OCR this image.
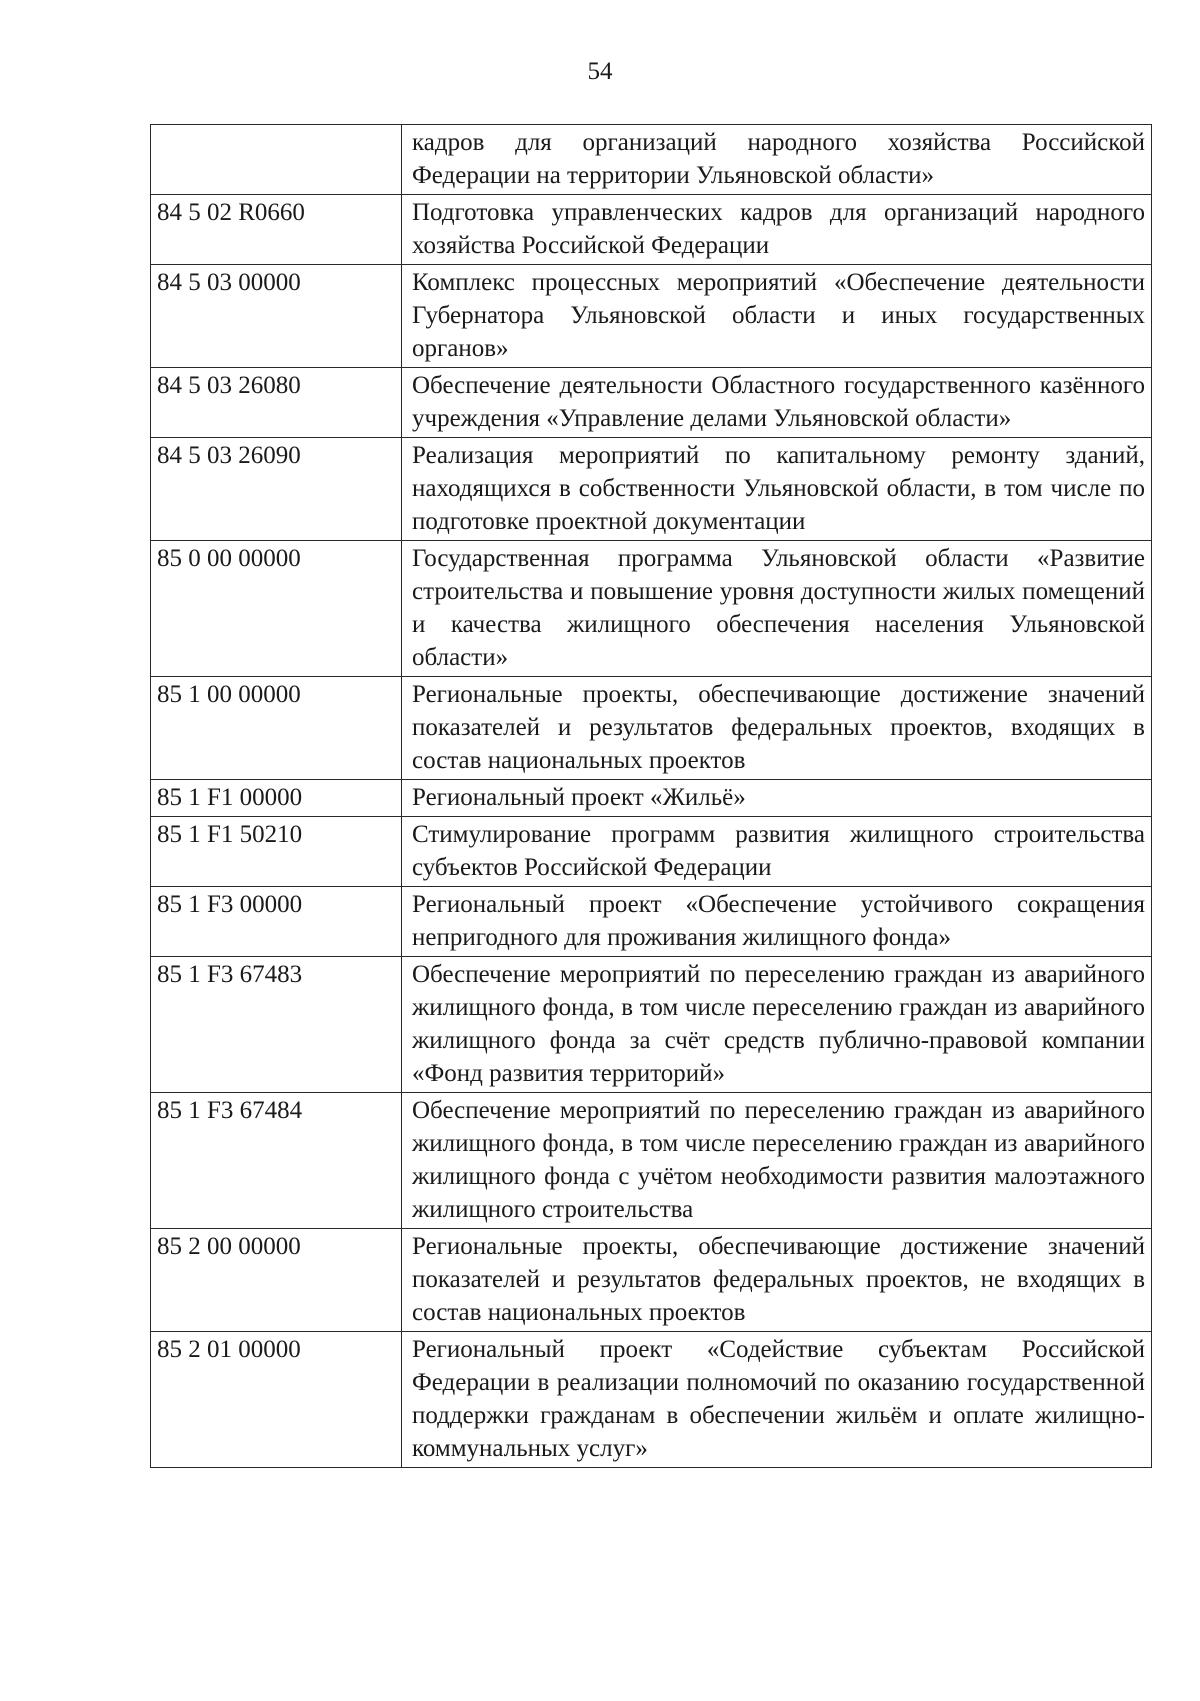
54
	кадров для организаций народного хозяйства Российской Федерации на территории Ульяновской области»
84 5 02 R0660	Подготовка управленческих кадров для организаций народного хозяйства Российской Федерации
84 5 03 00000	Комплекс процессных мероприятий «Обеспечение деятельности Губернатора Ульяновской области и иных государственных органов»
84 5 03 26080	Обеспечение деятельности Областного государственного казённого учреждения «Управление делами Ульяновской области»
84 5 03 26090	Реализация мероприятий по капитальному ремонту зданий, находящихся в собственности Ульяновской области, в том числе по подготовке проектной документации
85 0 00 00000	Государственная программа Ульяновской области «Развитие строительства и повышение уровня доступности жилых помещений и качества жилищного обеспечения населения Ульяновской области»
85 1 00 00000	Региональные проекты, обеспечивающие достижение значений показателей и результатов федеральных проектов, входящих в состав национальных проектов
85 1 F1 00000	Региональный проект «Жильё»
85 1 F1 50210	Стимулирование программ развития жилищного строительства субъектов Российской Федерации
85 1 F3 00000	Региональный проект «Обеспечение устойчивого сокращения непригодного для проживания жилищного фонда»
85 1 F3 67483	Обеспечение мероприятий по переселению граждан из аварийного жилищного фонда, в том числе переселению граждан из аварийного жилищного фонда за счёт средств публично-правовой компании «Фонд развития территорий»
85 1 F3 67484	Обеспечение мероприятий по переселению граждан из аварийного жилищного фонда, в том числе переселению граждан из аварийного жилищного фонда с учётом необходимости развития малоэтажного жилищного строительства
85 2 00 00000	Региональные проекты, обеспечивающие достижение значений показателей и результатов федеральных проектов, не входящих в состав национальных проектов
85 2 01 00000	Региональный проект «Содействие субъектам Российской Федерации в реализации полномочий по оказанию государственной поддержки гражданам в обеспечении жильём и оплате жилищно-коммунальных услуг»
